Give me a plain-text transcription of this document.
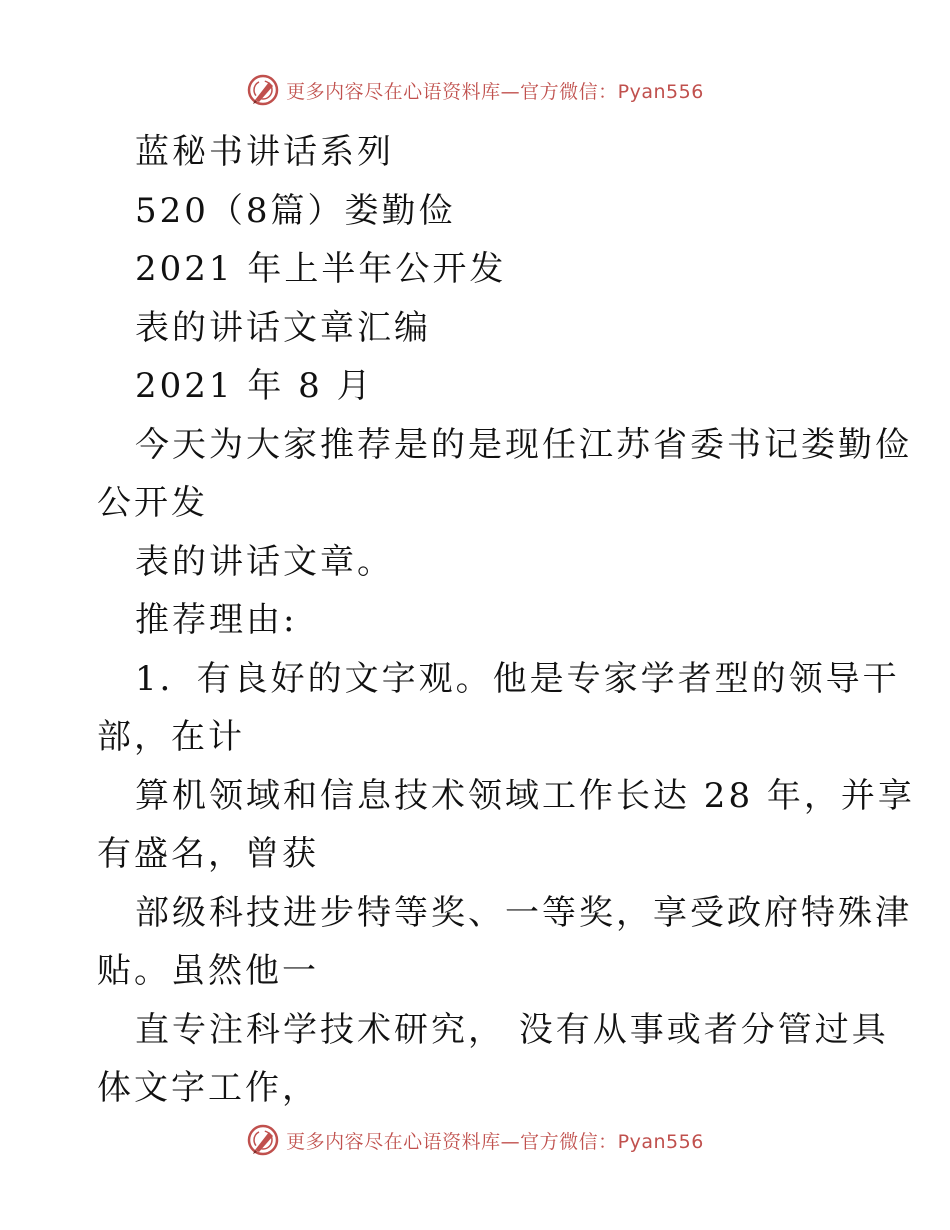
更多内容尽在心语资料库—官方微信：Pyan556
蓝秘书讲话系列
520（8篇）娄勤俭
2021 年上半年公开发
表的讲话文章汇编
2021 年 8 月
今天为大家推荐是的是现任江苏省委书记娄勤俭
公开发
表的讲话文章。
推荐理由:
1．有良好的文字观。他是专家学者型的领导干
部，在计
算机领域和信息技术领域工作长达 28 年，并享
有盛名，曾获
部级科技进步特等奖、一等奖，享受政府特殊津
贴。虽然他一
直专注科学技术研究， 没有从事或者分管过具
体文字工作，
更多内容尽在心语资料库—官方微信：Pyan556
